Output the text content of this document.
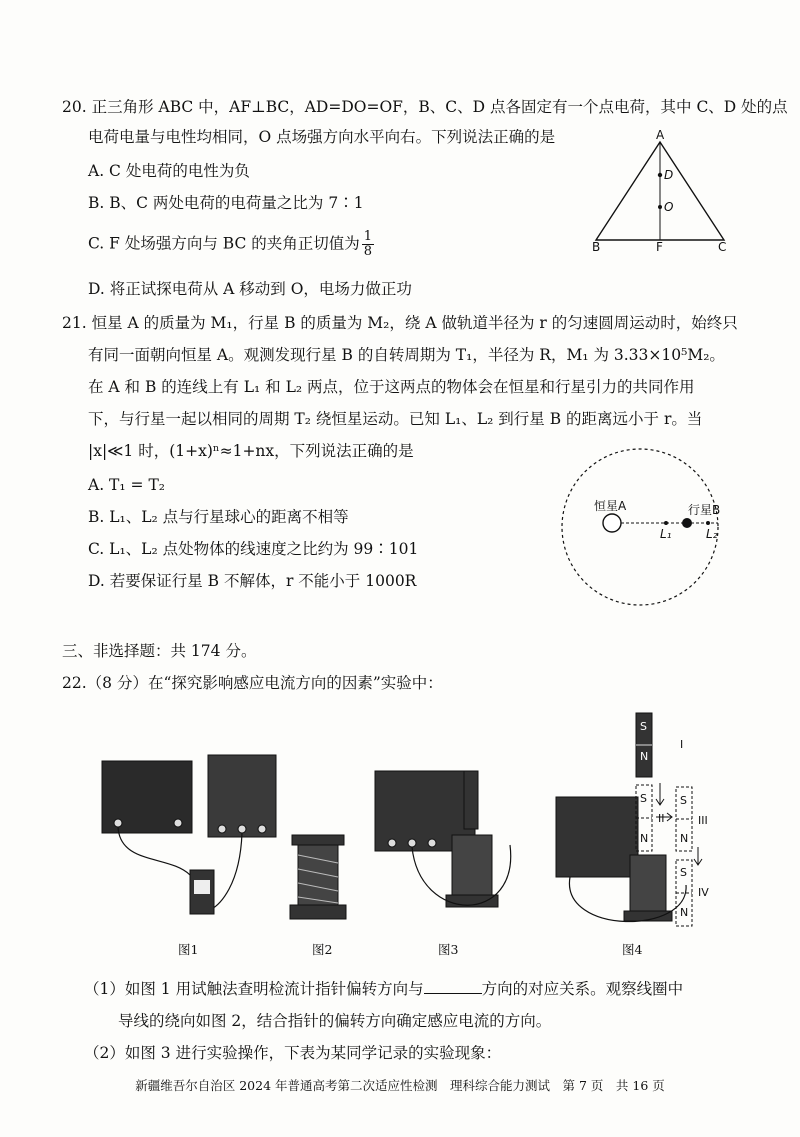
20. 正三角形 ABC 中，AF⊥BC，AD=DO=OF，B、C、D 点各固定有一个点电荷，其中 C、D 处的点
电荷电量与电性均相同，O 点场强方向水平向右。下列说法正确的是
A. C 处电荷的电性为负
B. B、C 两处电荷的电荷量之比为 7∶1
C. F 处场强方向与 BC 的夹角正切值为 $\frac{1}{8}$
D. 将正试探电荷从 A 移动到 O，电场力做正功
A
D
O
B	F	C
21. 恒星 A 的质量为 M₁，行星 B 的质量为 M₂，绕 A 做轨道半径为 r 的匀速圆周运动时，始终只
有同一面朝向恒星 A。观测发现行星 B 的自转周期为 T₁，半径为 R，M₁ 为 3.33×10⁵M₂。
在 A 和 B 的连线上有 L₁ 和 L₂ 两点，位于这两点的物体会在恒星和行星引力的共同作用
下，与行星一起以相同的周期 T₂ 绕恒星运动。已知 L₁、L₂ 到行星 B 的距离远小于 r。当
|x|≪1 时，(1+x)ⁿ≈1+nx，下列说法正确的是
A. T₁ = T₂
B. L₁、L₂ 点与行星球心的距离不相等
C. L₁、L₂ 点处物体的线速度之比约为 99∶101
D. 若要保证行星 B 不解体，r 不能小于 1000R
恒星A	行星B
L₁	L₂
三、非选择题：共 174 分。
22.（8 分）在“探究影响感应电流方向的因素”实验中：
S
N
I
S
N
II
S
N
III
S
N
IV
图1	图2	图3	图4
（1）如图 1 用试触法查明检流计指针偏转方向与	方向的对应关系。观察线圈中
导线的绕向如图 2，结合指针的偏转方向确定感应电流的方向。
（2）如图 3 进行实验操作，下表为某同学记录的实验现象：
新疆维吾尔自治区 2024 年普通高考第二次适应性检测　理科综合能力测试　第 7 页　共 16 页
